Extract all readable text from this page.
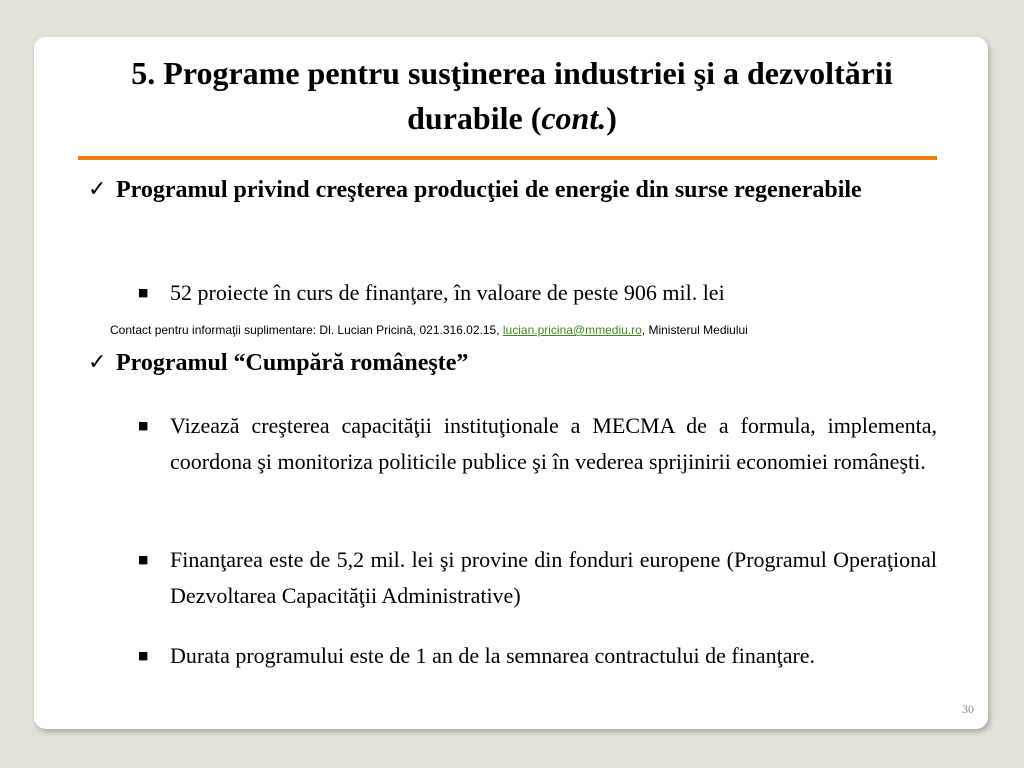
5. Programe pentru susţinerea industriei şi a dezvoltării durabile (cont.)
✓ Programul privind creşterea producţiei de energie din surse regenerabile
■ 52 proiecte în curs de finanţare, în valoare de peste 906 mil. lei
Contact pentru informaţii suplimentare: Dl. Lucian Pricină, 021.316.02.15, lucian.pricina@mmediu.ro, Ministerul Mediului
✓ Programul “Cumpără româneşte”
■ Vizează creşterea capacităţii instituţionale a MECMA de a formula, implementa, coordona şi monitoriza politicile publice şi în vederea sprijinirii economiei româneşti.
■ Finanţarea este de 5,2 mil. lei şi provine din fonduri europene (Programul Operaţional Dezvoltarea Capacităţii Administrative)
■ Durata programului este de 1 an de la semnarea contractului de finanţare.
30
